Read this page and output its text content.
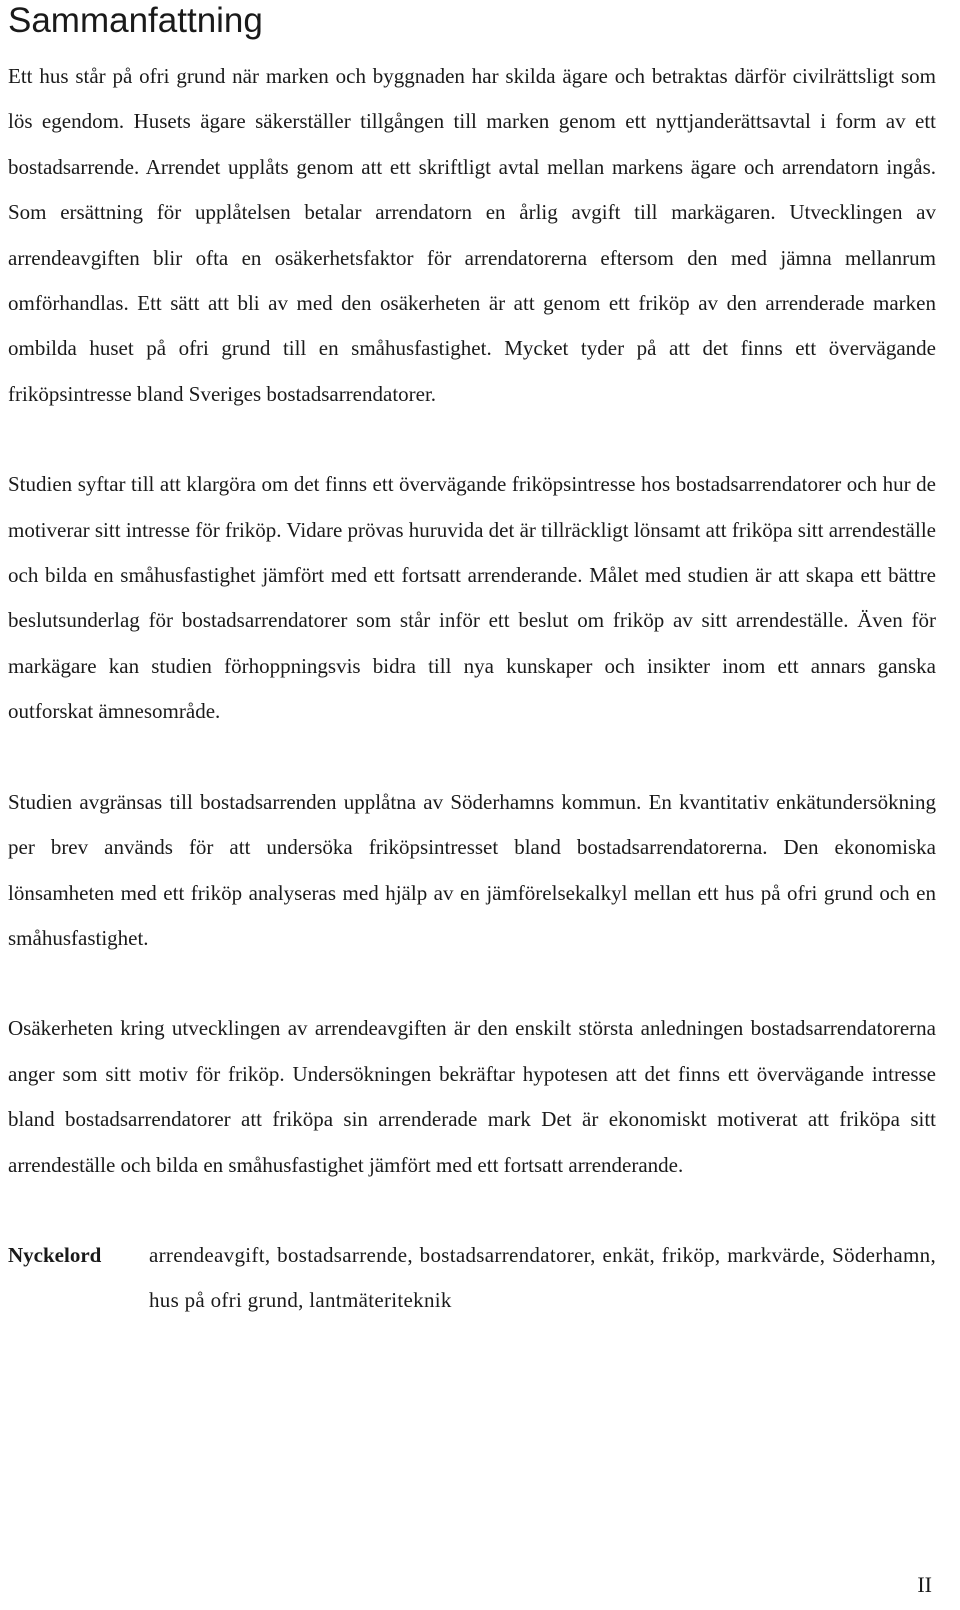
Sammanfattning

Ett hus står på ofri grund när marken och byggnaden har skilda ägare och betraktas därför civilrättsligt som lös egendom. Husets ägare säkerställer tillgången till marken genom ett nyttjanderättsavtal i form av ett bostadsarrende. Arrendet upplåts genom att ett skriftligt avtal mellan markens ägare och arrendatorn ingås. Som ersättning för upplåtelsen betalar arrendatorn en årlig avgift till markägaren. Utvecklingen av arrendeavgiften blir ofta en osäkerhetsfaktor för arrendatorerna eftersom den med jämna mellanrum omförhandlas. Ett sätt att bli av med den osäkerheten är att genom ett friköp av den arrenderade marken ombilda huset på ofri grund till en småhusfastighet. Mycket tyder på att det finns ett övervägande friköpsintresse bland Sveriges bostadsarrendatorer.

Studien syftar till att klargöra om det finns ett övervägande friköpsintresse hos bostadsarrendatorer och hur de motiverar sitt intresse för friköp. Vidare prövas huruvida det är tillräckligt lönsamt att friköpa sitt arrendeställe och bilda en småhusfastighet jämfört med ett fortsatt arrenderande. Målet med studien är att skapa ett bättre beslutsunderlag för bostadsarrendatorer som står inför ett beslut om friköp av sitt arrendeställe. Även för markägare kan studien förhoppningsvis bidra till nya kunskaper och insikter inom ett annars ganska outforskat ämnesområde.

Studien avgränsas till bostadsarrenden upplåtna av Söderhamns kommun. En kvantitativ enkätundersökning per brev används för att undersöka friköpsintresset bland bostadsarrendatorerna. Den ekonomiska lönsamheten med ett friköp analyseras med hjälp av en jämförelsekalkyl mellan ett hus på ofri grund och en småhusfastighet.

Osäkerheten kring utvecklingen av arrendeavgiften är den enskilt största anledningen bostadsarrendatorerna anger som sitt motiv för friköp. Undersökningen bekräftar hypotesen att det finns ett övervägande intresse bland bostadsarrendatorer att friköpa sin arrenderade mark Det är ekonomiskt motiverat att friköpa sitt arrendeställe och bilda en småhusfastighet jämfört med ett fortsatt arrenderande.

Nyckelord	arrendeavgift, bostadsarrende, bostadsarrendatorer, enkät, friköp, markvärde, Söderhamn, hus på ofri grund, lantmäteriteknik
II
